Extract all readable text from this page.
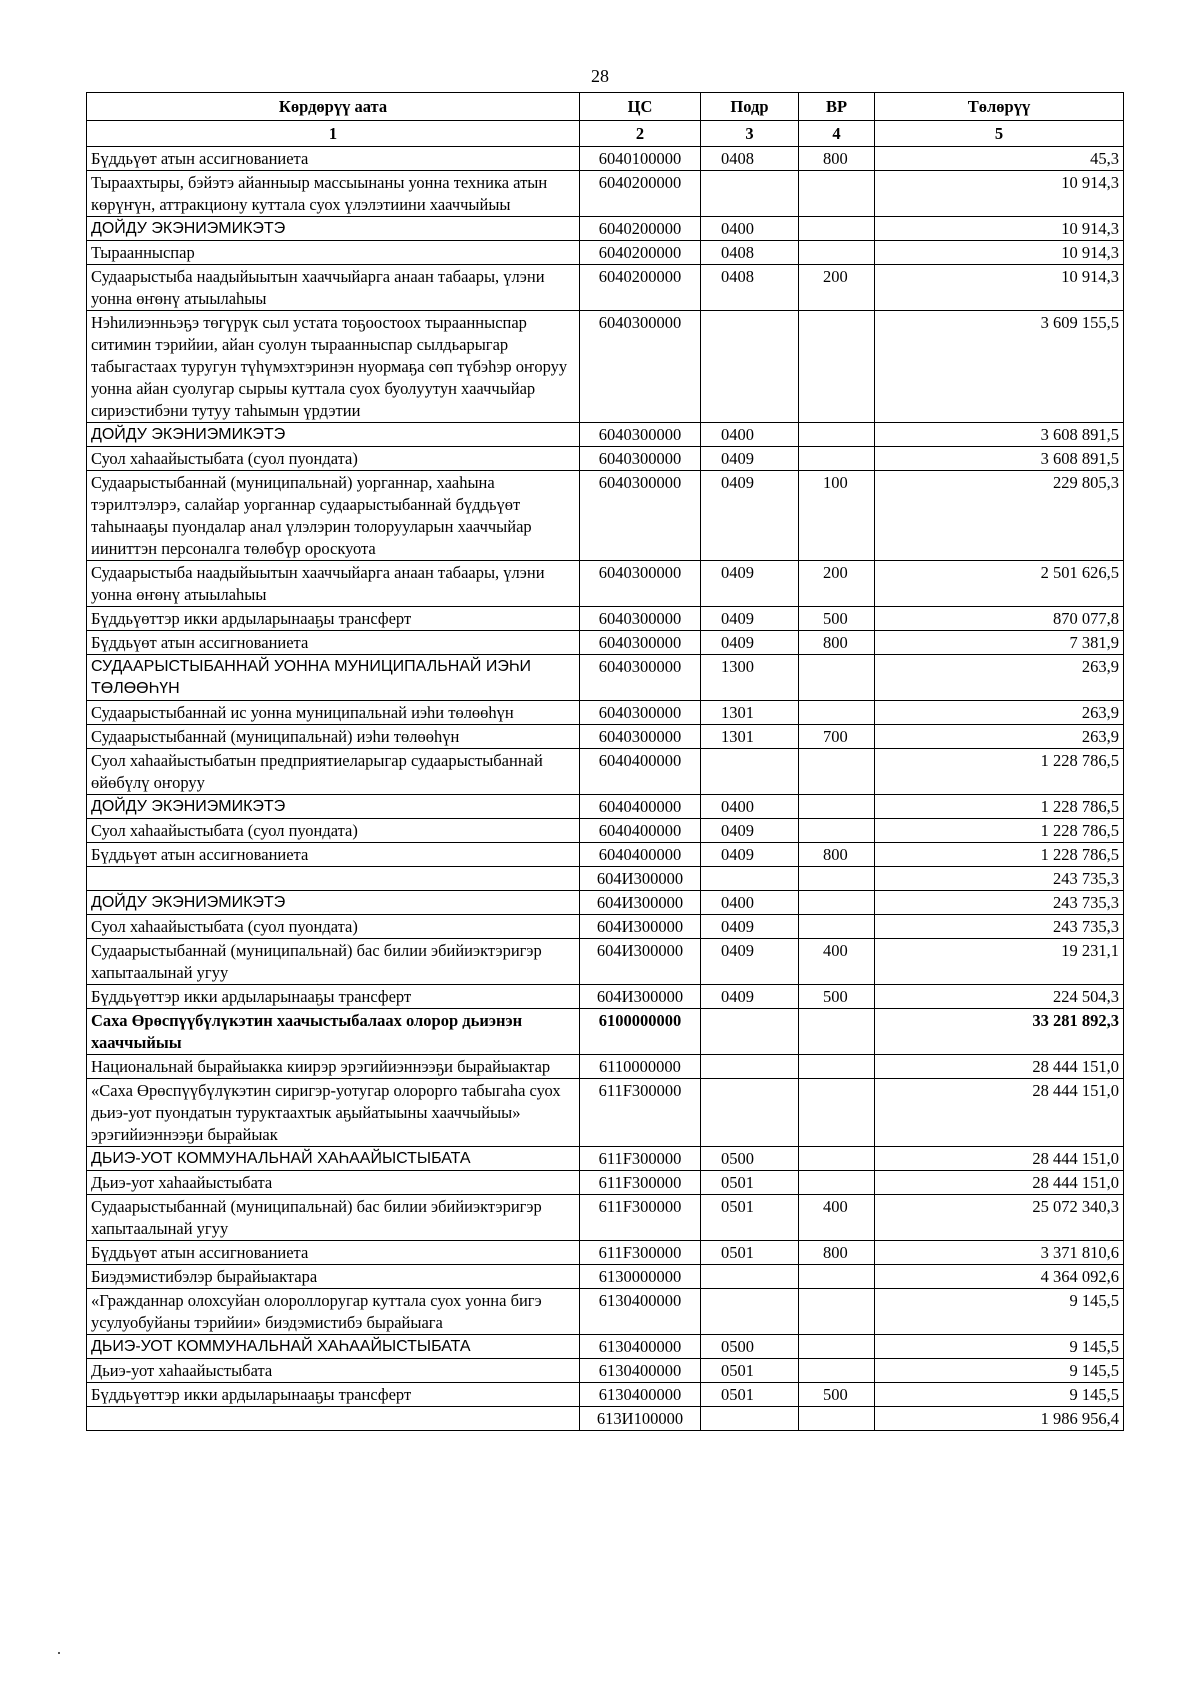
28
Көрдөрүү аата	ЦС	Подр	ВР	Төлөрүү
1	2	3	4	5
Бүддьүөт атын ассигнованиета	6040100000	0408	800	45,3
Тыраахтыры, бэйэтэ айанныыр массыынаны уонна техника атын көрүҥүн, аттракциону куттала суох үлэлэтиини хааччыйыы	6040200000			10 914,3
ДОЙДУ ЭКЭНИЭМИКЭТЭ	6040200000	0400		10 914,3
Тыраанныспар	6040200000	0408		10 914,3
Судаарыстыба наадыйыытын хааччыйарга анаан табаары, үлэни уонна өҥөнү атыылаһыы	6040200000	0408	200	10 914,3
Нэһилиэнньэҕэ төгүрүк сыл устата тоҕоостоох тыраанныспар ситимин тэрийии, айан суолун тыраанныспар сылдьарыгар табыгастаах туругун түһүмэхтэринэн нуормаҕа сөп түбэһэр оҥоруу уонна айан суолугар сырыы куттала суох буолуутун хааччыйар сириэстибэни тутуу таһымын үрдэтии	6040300000			3 609 155,5
ДОЙДУ ЭКЭНИЭМИКЭТЭ	6040300000	0400		3 608 891,5
Суол хаһаайыстыбата (суол пуондата)	6040300000	0409		3 608 891,5
Судаарыстыбаннай (муниципальнай) уорганнар, хааһына тэрилтэлэрэ, салайар уорганнар судаарыстыбаннай бүддьүөт таһынааҕы пуондалар анал үлэлэрин толорууларын хааччыйар ииниттэн персоналга төлөбүр ороскуота	6040300000	0409	100	229 805,3
Судаарыстыба наадыйыытын хааччыйарга анаан табаары, үлэни уонна өҥөнү атыылаһыы	6040300000	0409	200	2 501 626,5
Бүддьүөттэр икки ардыларынааҕы трансферт	6040300000	0409	500	870 077,8
Бүддьүөт атын ассигнованиета	6040300000	0409	800	7 381,9
СУДААРЫСТЫБАННАЙ УОННА МУНИЦИПАЛЬНАЙ ИЭҺИ ТӨЛӨӨҺҮН	6040300000	1300		263,9
Судаарыстыбаннай ис уонна муниципальнай иэһи төлөөһүн	6040300000	1301		263,9
Судаарыстыбаннай (муниципальнай) иэһи төлөөһүн	6040300000	1301	700	263,9
Суол хаһаайыстыбатын предприятиеларыгар судаарыстыбаннай өйөбүлү оҥоруу	6040400000			1 228 786,5
ДОЙДУ ЭКЭНИЭМИКЭТЭ	6040400000	0400		1 228 786,5
Суол хаһаайыстыбата (суол пуондата)	6040400000	0409		1 228 786,5
Бүддьүөт атын ассигнованиета	6040400000	0409	800	1 228 786,5
	604И300000			243 735,3
ДОЙДУ ЭКЭНИЭМИКЭТЭ	604И300000	0400		243 735,3
Суол хаһаайыстыбата (суол пуондата)	604И300000	0409		243 735,3
Судаарыстыбаннай (муниципальнай) бас билии эбийиэктэригэр хапытаалынай угуу	604И300000	0409	400	19 231,1
Бүддьүөттэр икки ардыларынааҕы трансферт	604И300000	0409	500	224 504,3
Саха Өрөспүүбүлүкэтин хаачыстыбалаах олорор дьиэнэн хааччыйыы	6100000000			33 281 892,3
Национальнай бырайыакка киирэр эрэгийиэннээҕи бырайыактар	6110000000			28 444 151,0
«Саха Өрөспүүбүлүкэтин сиригэр-уотугар олорорго табыгаһа суох дьиэ-уот пуондатын туруктаахтык аҕыйатыыны хааччыйыы» эрэгийиэннээҕи бырайыак	611F300000			28 444 151,0
ДЬИЭ-УОТ КОММУНАЛЬНАЙ ХАҺААЙЫСТЫБАТА	611F300000	0500		28 444 151,0
Дьиэ-уот хаһаайыстыбата	611F300000	0501		28 444 151,0
Судаарыстыбаннай (муниципальнай) бас билии эбийиэктэригэр хапытаалынай угуу	611F300000	0501	400	25 072 340,3
Бүддьүөт атын ассигнованиета	611F300000	0501	800	3 371 810,6
Биэдэмистибэлэр бырайыактара	6130000000			4 364 092,6
«Гражданнар олохсуйан олороллоругар куттала суох уонна бигэ усулуобуйаны тэрийии» биэдэмистибэ бырайыага	6130400000			9 145,5
ДЬИЭ-УОТ КОММУНАЛЬНАЙ ХАҺААЙЫСТЫБАТА	6130400000	0500		9 145,5
Дьиэ-уот хаһаайыстыбата	6130400000	0501		9 145,5
Бүддьүөттэр икки ардыларынааҕы трансферт	6130400000	0501	500	9 145,5
	613И100000			1 986 956,4
